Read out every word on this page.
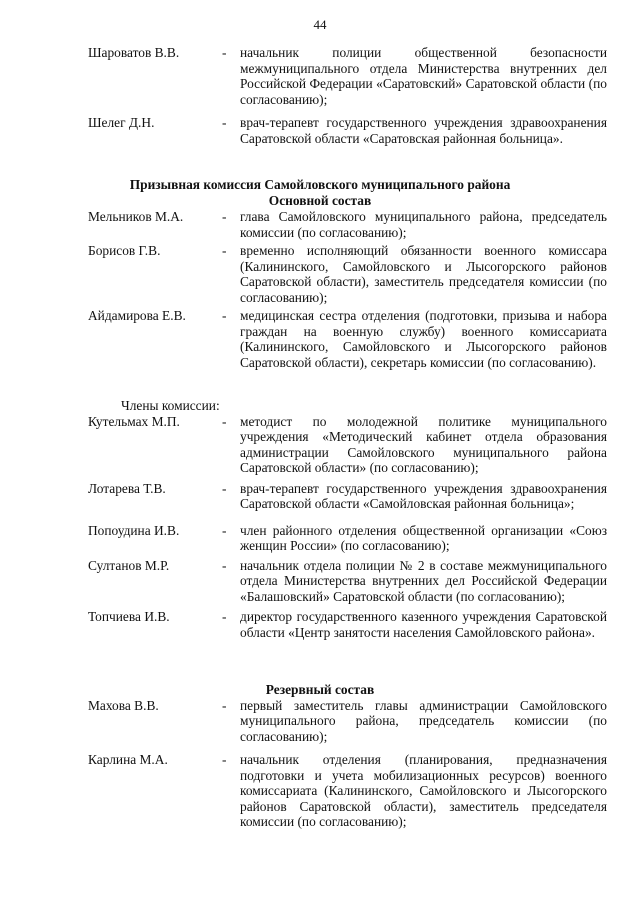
44
Шароватов В.В.	- начальник полиции общественной безопасности межмуниципального отдела Министерства внутренних дел Российской Федерации «Саратовский» Саратовской области (по согласованию);
Шелег Д.Н.	- врач-терапевт государственного учреждения здравоохранения Саратовской области «Саратовская районная больница».
Призывная комиссия Самойловского муниципального района
Основной состав
Мельников М.А.	- глава Самойловского муниципального района, председатель комиссии (по согласованию);
Борисов Г.В.	- временно исполняющий обязанности военного комиссара (Калининского, Самойловского и Лысогорского районов Саратовской области), заместитель председателя комиссии (по согласованию);
Айдамирова Е.В.	- медицинская сестра отделения (подготовки, призыва и набора граждан на военную службу) военного комиссариата (Калининского, Самойловского и Лысогорского районов Саратовской области), секретарь комиссии (по согласованию).
Члены комиссии:
Кутельмах М.П.	- методист по молодежной политике муниципального учреждения «Методический кабинет отдела образования администрации Самойловского муниципального района Саратовской области» (по согласованию);
Лотарева Т.В.	- врач-терапевт государственного учреждения здравоохранения Саратовской области «Самойловская районная больница»;
Попоудина И.В.	- член районного отделения общественной организации «Союз женщин России» (по согласованию);
Султанов М.Р.	- начальник отдела полиции № 2 в составе межмуниципального отдела Министерства внутренних дел Российской Федерации «Балашовский» Саратовской области (по согласованию);
Топчиева И.В.	- директор государственного казенного учреждения Саратовской области «Центр занятости населения Самойловского района».
Резервный состав
Махова В.В.	- первый заместитель главы администрации Самойловского муниципального района, председатель комиссии (по согласованию);
Карлина М.А.	- начальник отделения (планирования, предназначения подготовки и учета мобилизационных ресурсов) военного комиссариата (Калининского, Самойловского и Лысогорского районов Саратовской области), заместитель председателя комиссии (по согласованию);
